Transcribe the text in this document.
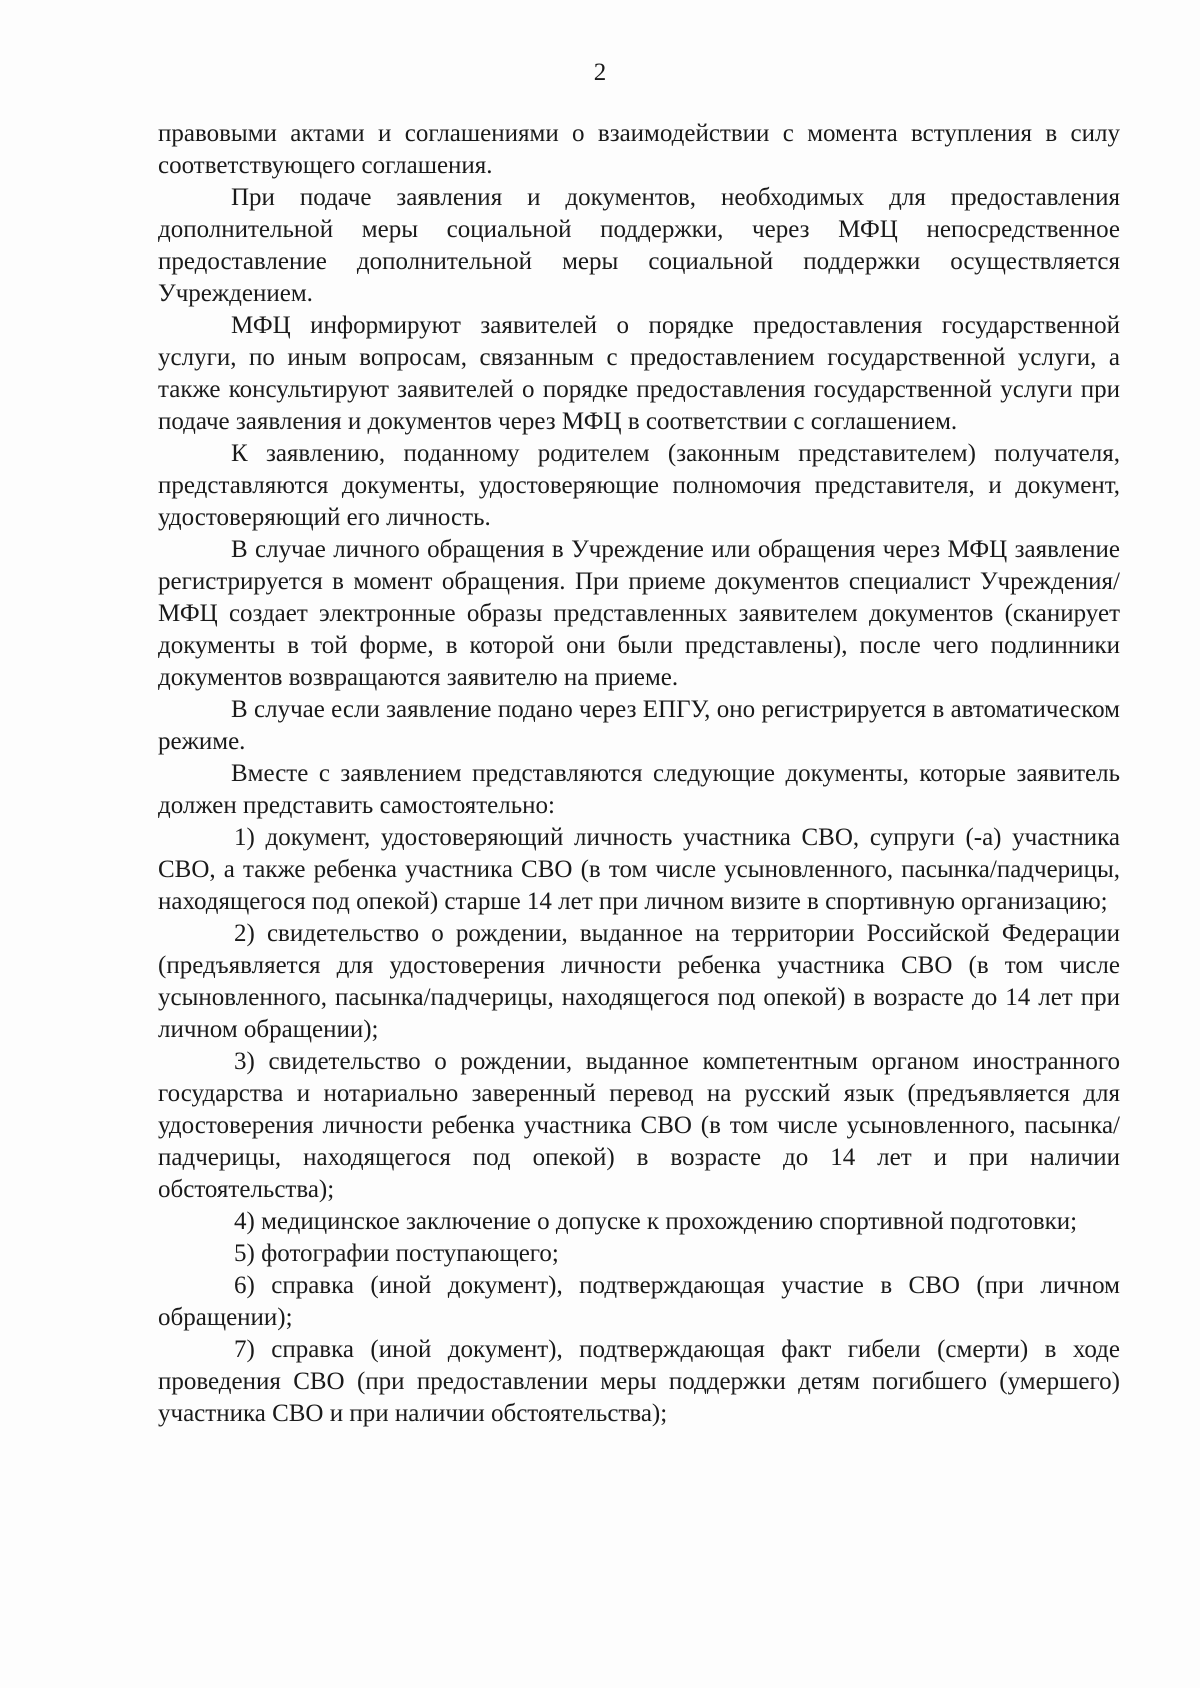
2

правовыми актами и соглашениями о взаимодействии с момента вступления в силу соответствующего соглашения.

При подаче заявления и документов, необходимых для предоставления дополнительной меры социальной поддержки, через МФЦ непосредственное предоставление дополнительной меры социальной поддержки осуществляется Учреждением.

МФЦ информируют заявителей о порядке предоставления государственной услуги, по иным вопросам, связанным с предоставлением государственной услуги, а также консультируют заявителей о порядке предоставления государственной услуги при подаче заявления и документов через МФЦ в соответствии с соглашением.

К заявлению, поданному родителем (законным представителем) получателя, представляются документы, удостоверяющие полномочия представителя, и документ, удостоверяющий его личность.

В случае личного обращения в Учреждение или обращения через МФЦ заявление регистрируется в момент обращения. При приеме документов специалист Учреждения/ МФЦ создает электронные образы представленных заявителем документов (сканирует документы в той форме, в которой они были представлены), после чего подлинники документов возвращаются заявителю на приеме.

В случае если заявление подано через ЕПГУ, оно регистрируется в автоматическом режиме.

Вместе с заявлением представляются следующие документы, которые заявитель должен представить самостоятельно:

1) документ, удостоверяющий личность участника СВО, супруги (-а) участника СВО, а также ребенка участника СВО (в том числе усыновленного, пасынка/падчерицы, находящегося под опекой) старше 14 лет при личном визите в спортивную организацию;

2) свидетельство о рождении, выданное на территории Российской Федерации (предъявляется для удостоверения личности ребенка участника СВО (в том числе усыновленного, пасынка/падчерицы, находящегося под опекой) в возрасте до 14 лет при личном обращении);

3) свидетельство о рождении, выданное компетентным органом иностранного государства и нотариально заверенный перевод на русский язык (предъявляется для удостоверения личности ребенка участника СВО (в том числе усыновленного, пасынка/падчерицы, находящегося под опекой) в возрасте до 14 лет и при наличии обстоятельства);

4) медицинское заключение о допуске к прохождению спортивной подготовки;

5) фотографии поступающего;

6) справка (иной документ), подтверждающая участие в СВО (при личном обращении);

7) справка (иной документ), подтверждающая факт гибели (смерти) в ходе проведения СВО (при предоставлении меры поддержки детям погибшего (умершего) участника СВО и при наличии обстоятельства);
